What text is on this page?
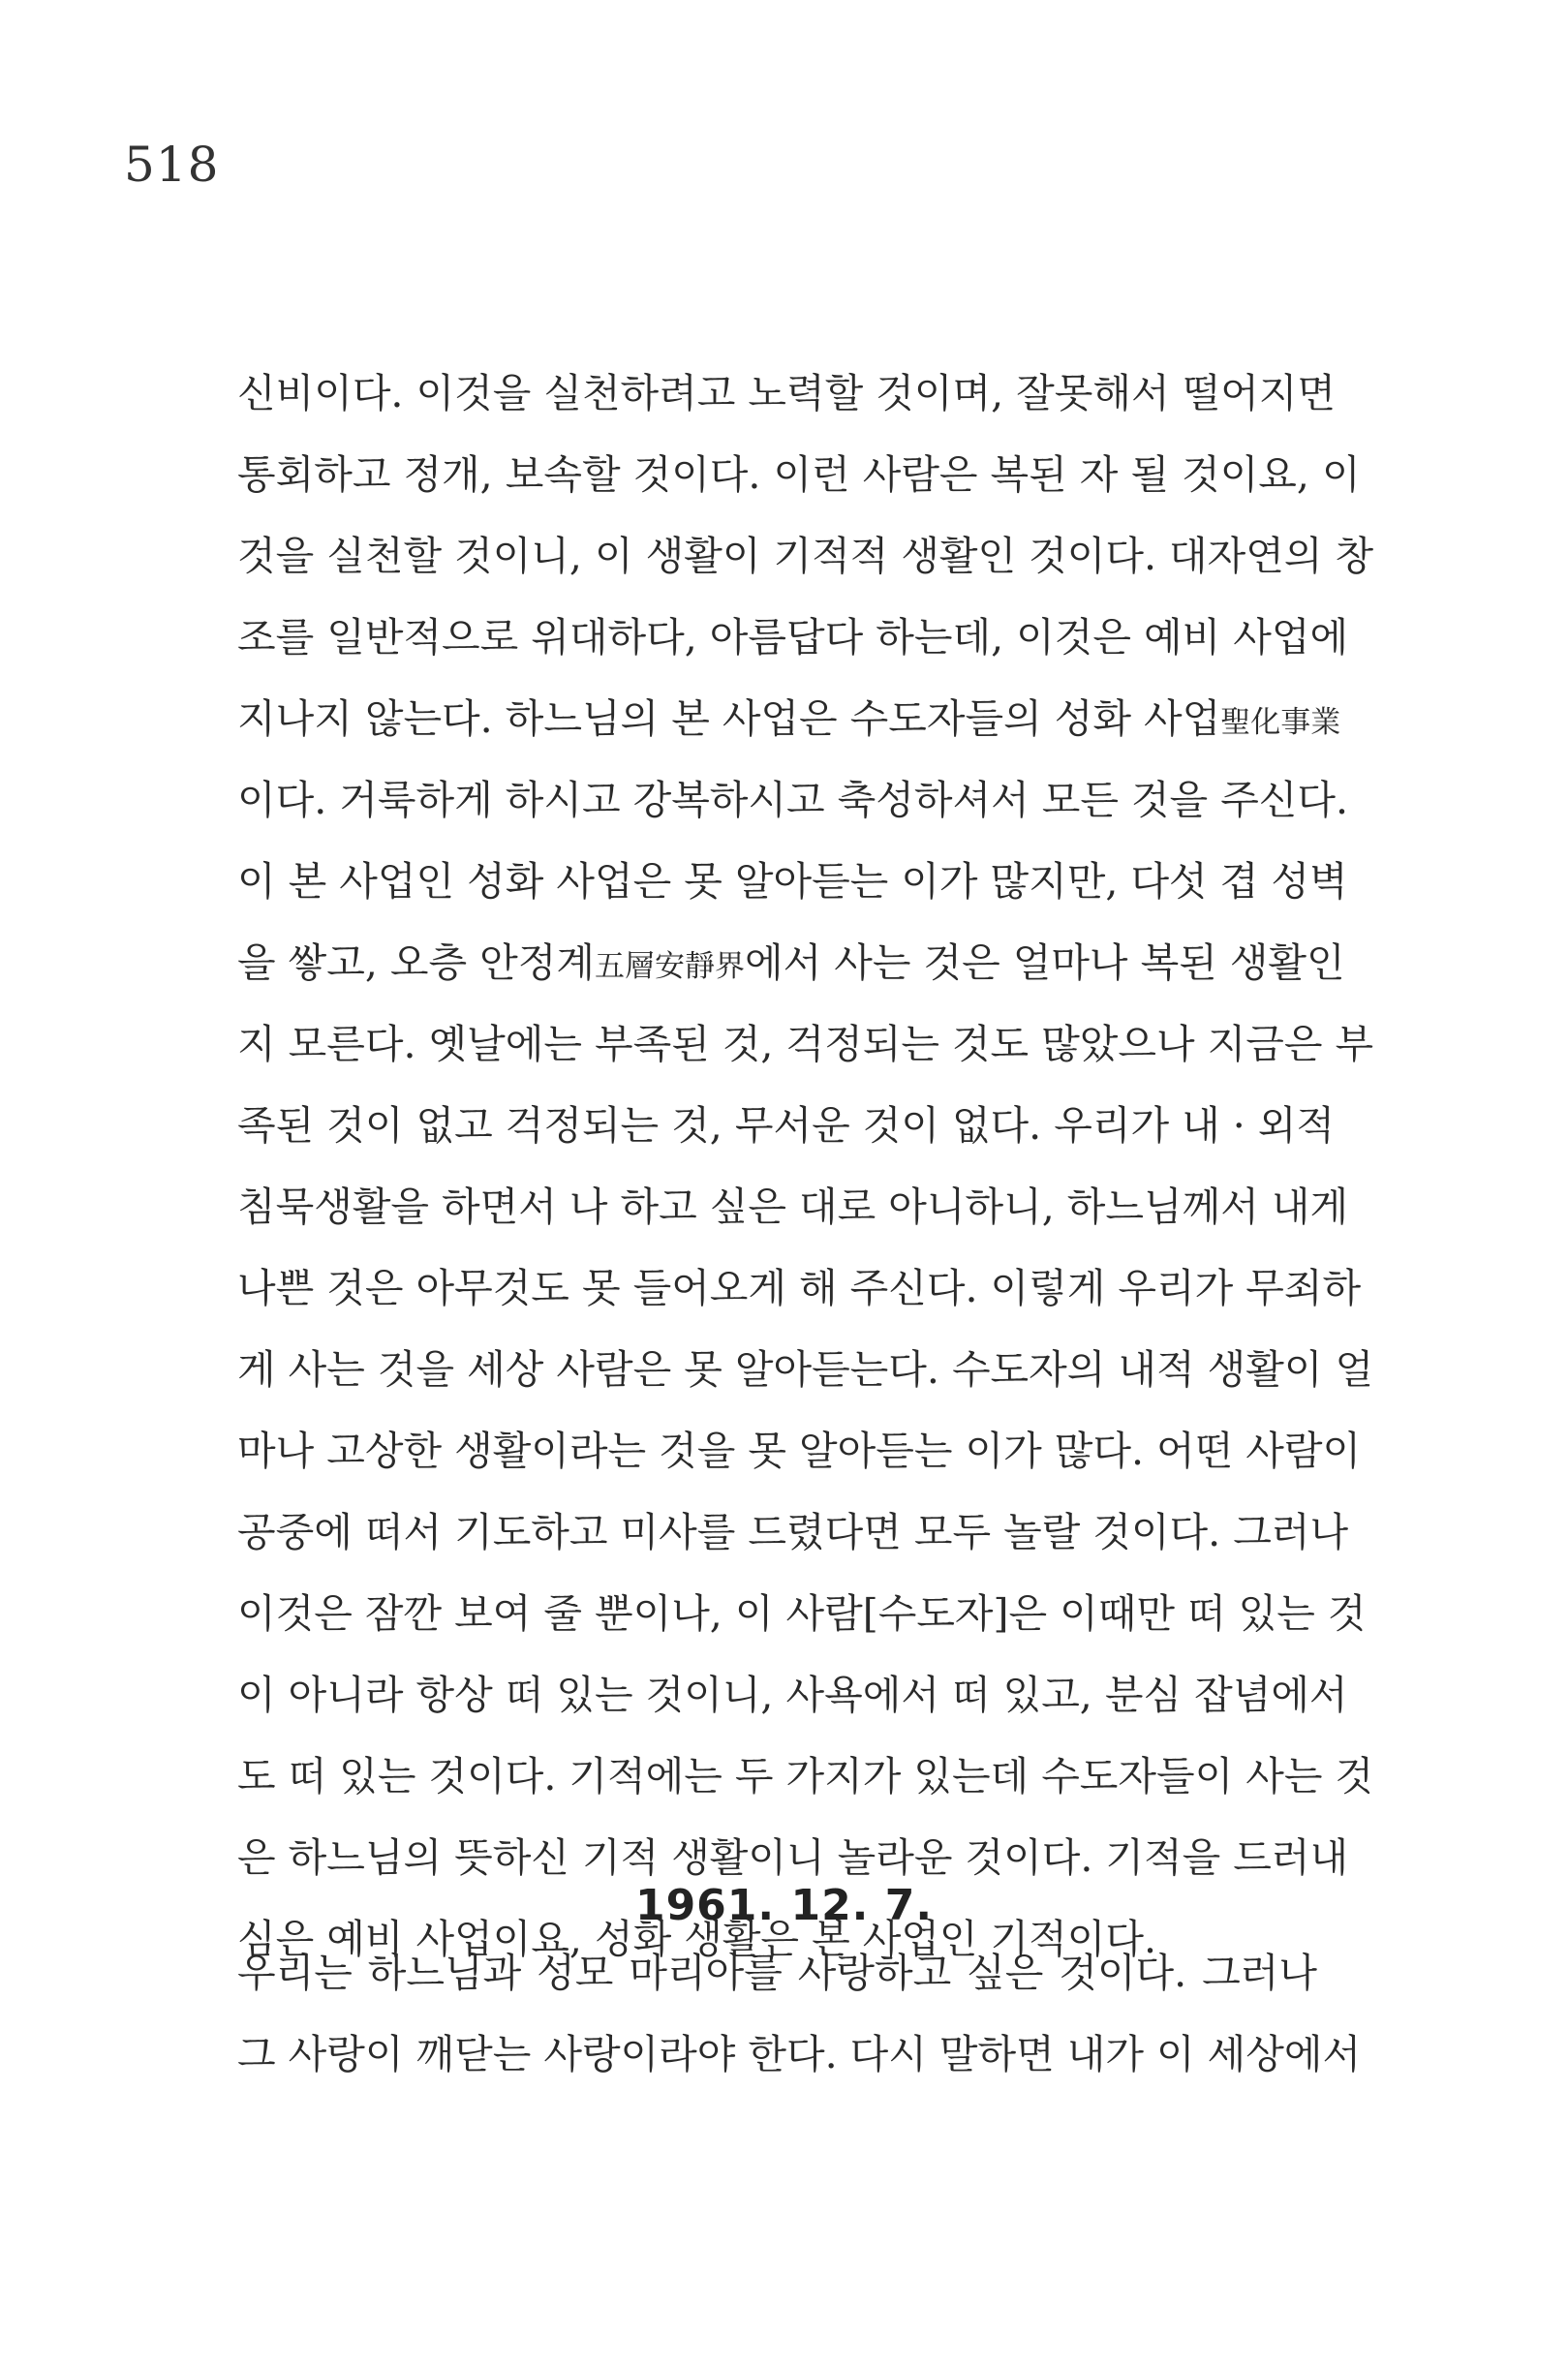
518
신비이다. 이것을 실천하려고 노력할 것이며, 잘못해서 떨어지면
통회하고 정개, 보속할 것이다. 이런 사람은 복된 자 될 것이요, 이
것을 실천할 것이니, 이 생활이 기적적 생활인 것이다. 대자연의 창
조를 일반적으로 위대하다, 아름답다 하는데, 이것은 예비 사업에
지나지 않는다. 하느님의 본 사업은 수도자들의 성화 사업聖化事業
이다. 거룩하게 하시고 강복하시고 축성하셔서 모든 것을 주신다.
이 본 사업인 성화 사업은 못 알아듣는 이가 많지만, 다섯 겹 성벽
을 쌓고, 오층 안정계五層安靜界에서 사는 것은 얼마나 복된 생활인
지 모른다. 옛날에는 부족된 것, 걱정되는 것도 많았으나 지금은 부
족된 것이 없고 걱정되는 것, 무서운 것이 없다. 우리가 내 · 외적
침묵생활을 하면서 나 하고 싶은 대로 아니하니, 하느님께서 내게
나쁜 것은 아무것도 못 들어오게 해 주신다. 이렇게 우리가 무죄하
게 사는 것을 세상 사람은 못 알아듣는다. 수도자의 내적 생활이 얼
마나 고상한 생활이라는 것을 못 알아듣는 이가 많다. 어떤 사람이
공중에 떠서 기도하고 미사를 드렸다면 모두 놀랄 것이다. 그러나
이것은 잠깐 보여 줄 뿐이나, 이 사람[수도자]은 이때만 떠 있는 것
이 아니라 항상 떠 있는 것이니, 사욕에서 떠 있고, 분심 잡념에서
도 떠 있는 것이다. 기적에는 두 가지가 있는데 수도자들이 사는 것
은 하느님의 뜻하신 기적 생활이니 놀라운 것이다. 기적을 드러내
심은 예비 사업이요, 성화 생활은 본 사업인 기적이다.
1961. 12. 7.
우리는 하느님과 성모 마리아를 사랑하고 싶은 것이다. 그러나
그 사랑이 깨닫는 사랑이라야 한다. 다시 말하면 내가 이 세상에서
